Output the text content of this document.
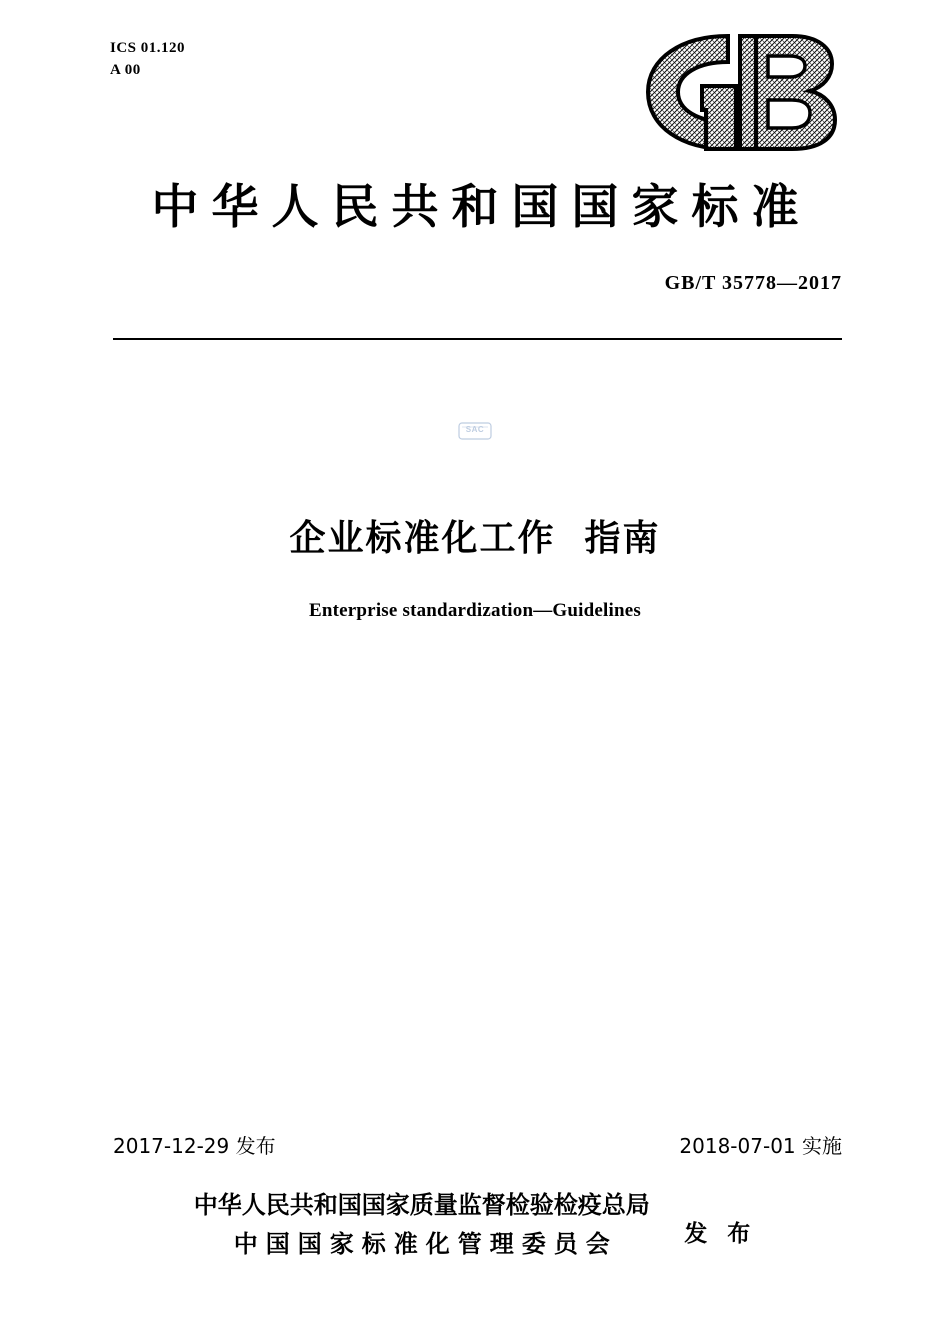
ICS 01.120
A 00
中华人民共和国国家标准
GB/T 35778—2017
SAC
企业标准化工作  指南
Enterprise standardization—Guidelines
2017-12-29 发布	2018-07-01 实施
中华人民共和国国家质量监督检验检疫总局
中国国家标准化管理委员会	发 布
